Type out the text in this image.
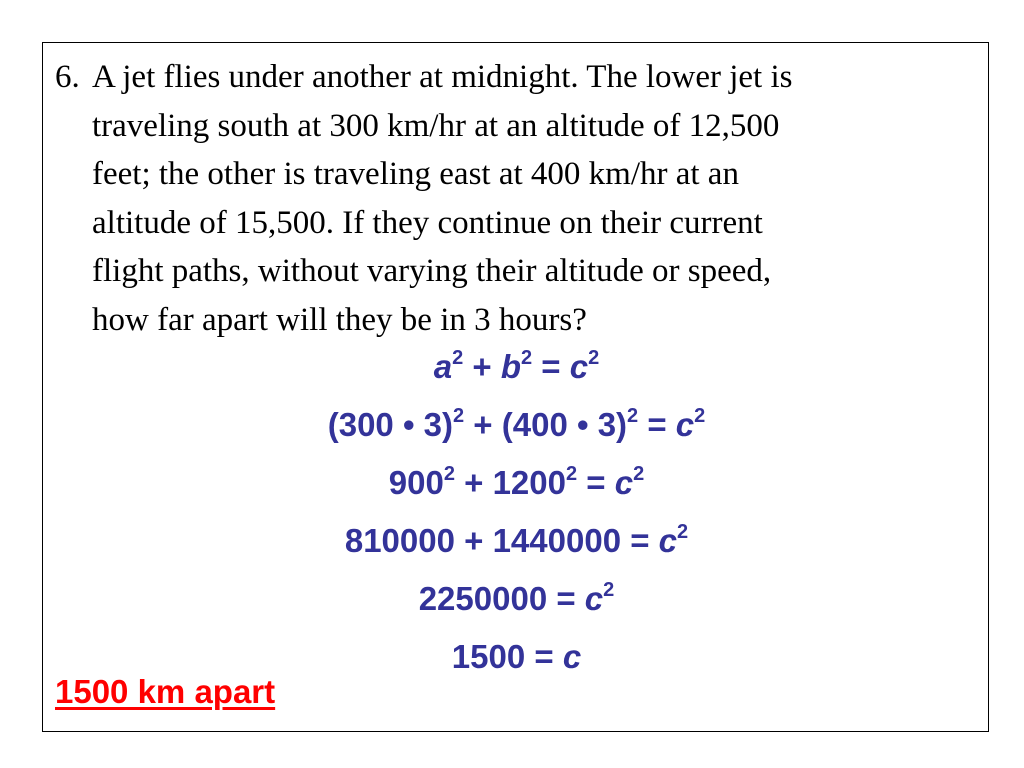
6. A jet flies under another at midnight. The lower jet is
traveling south at 300 km/hr at an altitude of 12,500
feet; the other is traveling east at 400 km/hr at an
altitude of 15,500. If they continue on their current
flight paths, without varying their altitude or speed,
how far apart will they be in 3 hours?
$a^2 + b^2 = c^2$
(300 • 3)$^2$ + (400 • $3)^2 = c^2$
$900^2 + 1200^2 = c^2$
$810000 + 1440000 = c^2$
$2250000 = c^2$
1500 = c
1500 km apart
